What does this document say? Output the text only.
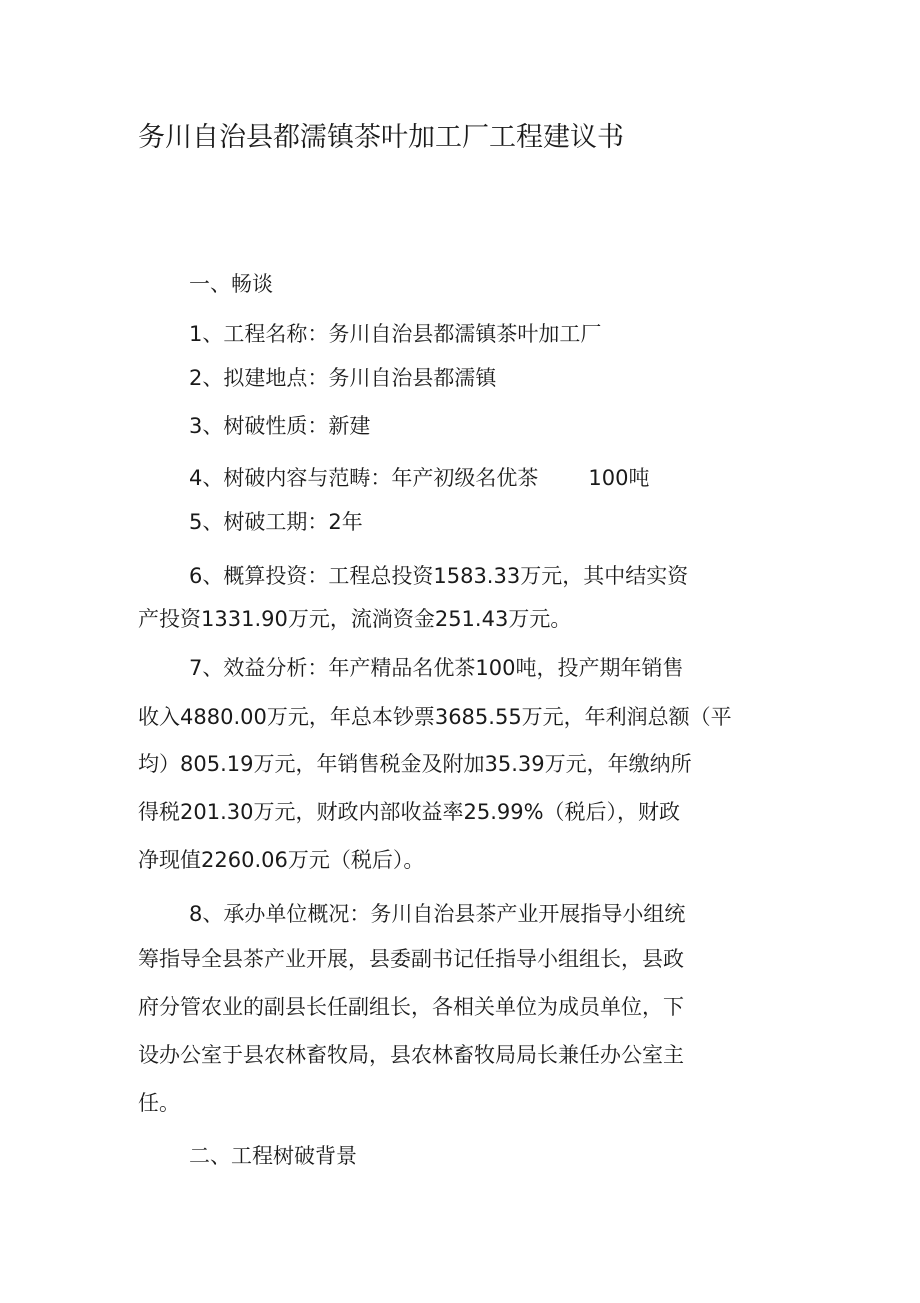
务川自治县都濡镇茶叶加工厂工程建议书

一、畅谈

1、工程名称：务川自治县都濡镇茶叶加工厂

2、拟建地点：务川自治县都濡镇

3、树破性质：新建

4、树破内容与范畴：年产初级名优茶 100吨

5、树破工期：2年

6、概算投资：工程总投资1583.33万元，其中结实资

产投资1331.90万元，流淌资金251.43万元。

7、效益分析：年产精品名优茶100吨，投产期年销售

收入4880.00万元，年总本钞票3685.55万元，年利润总额（平

均）805.19万元，年销售税金及附加35.39万元，年缴纳所

得税201.30万元，财政内部收益率25.99%（税后），财政

净现值2260.06万元（税后）。

8、承办单位概况：务川自治县茶产业开展指导小组统

筹指导全县茶产业开展，县委副书记任指导小组组长，县政

府分管农业的副县长任副组长，各相关单位为成员单位，下

设办公室于县农林畜牧局，县农林畜牧局局长兼任办公室主

任。

二、工程树破背景
